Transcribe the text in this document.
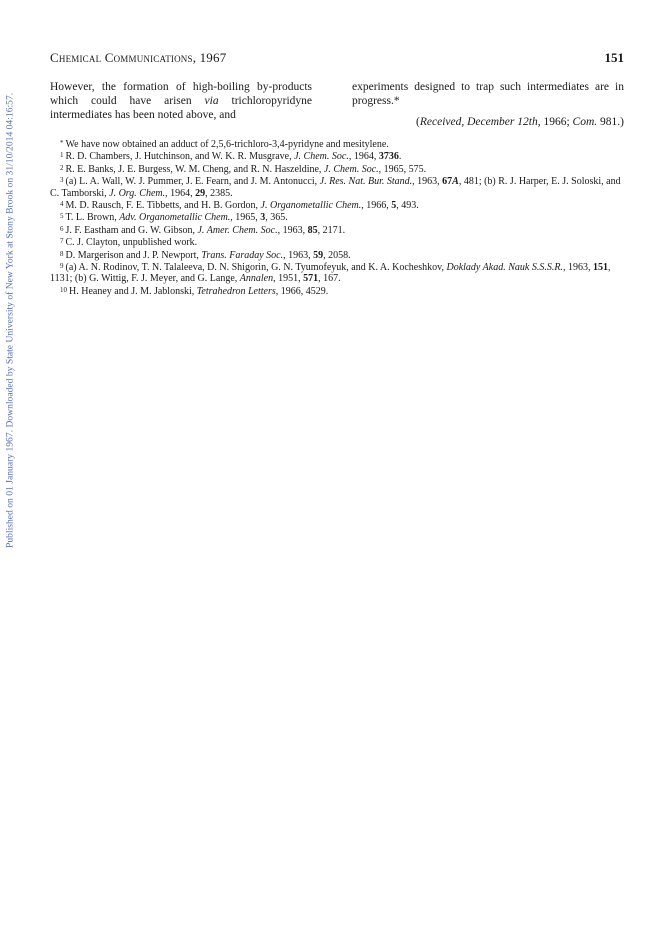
Published on 01 January 1967. Downloaded by State University of New York at Stony Brook on 31/10/2014 04:16:57.
Chemical Communications, 1967	151
However, the formation of high-boiling by-products which could have arisen via trichloropyridyne intermediates has been noted above, and
experiments designed to trap such intermediates are in progress.*
(Received, December 12th, 1966; Com. 981.)

* We have now obtained an adduct of 2,5,6-trichloro-3,4-pyridyne and mesitylene.

$^1$ R. D. Chambers, J. Hutchinson, and W. K. R. Musgrave, J. Chem. Soc., 1964, 3736.

$^2$ R. E. Banks, J. E. Burgess, W. M. Cheng, and R. N. Haszeldine, J. Chem. Soc., 1965, 575.

$^3$ (a) L. A. Wall, W. J. Pummer, J. E. Fearn, and J. M. Antonucci, J. Res. Nat. Bur. Stand., 1963, 67A, 481; (b) R. J. Harper, E. J. Soloski, and C. Tamborski, J. Org. Chem., 1964, 29, 2385.

$^4$ M. D. Rausch, F. E. Tibbetts, and H. B. Gordon, J. Organometallic Chem., 1966, 5, 493.

$^5$ T. L. Brown, Adv. Organometallic Chem., 1965, 3, 365.

$^6$ J. F. Eastham and G. W. Gibson, J. Amer. Chem. Soc., 1963, 85, 2171.

$^7$ C. J. Clayton, unpublished work.

$^8$ D. Margerison and J. P. Newport, Trans. Faraday Soc., 1963, 59, 2058.

$^9$ (a) A. N. Rodinov, T. N. Talaleeva, D. N. Shigorin, G. N. Tyumofeyuk, and K. A. Kocheshkov, Doklady Akad. Nauk S.S.S.R., 1963, 151, 1131; (b) G. Wittig, F. J. Meyer, and G. Lange, Annalen, 1951, 571, 167.

$^{10}$ H. Heaney and J. M. Jablonski, Tetrahedron Letters, 1966, 4529.
